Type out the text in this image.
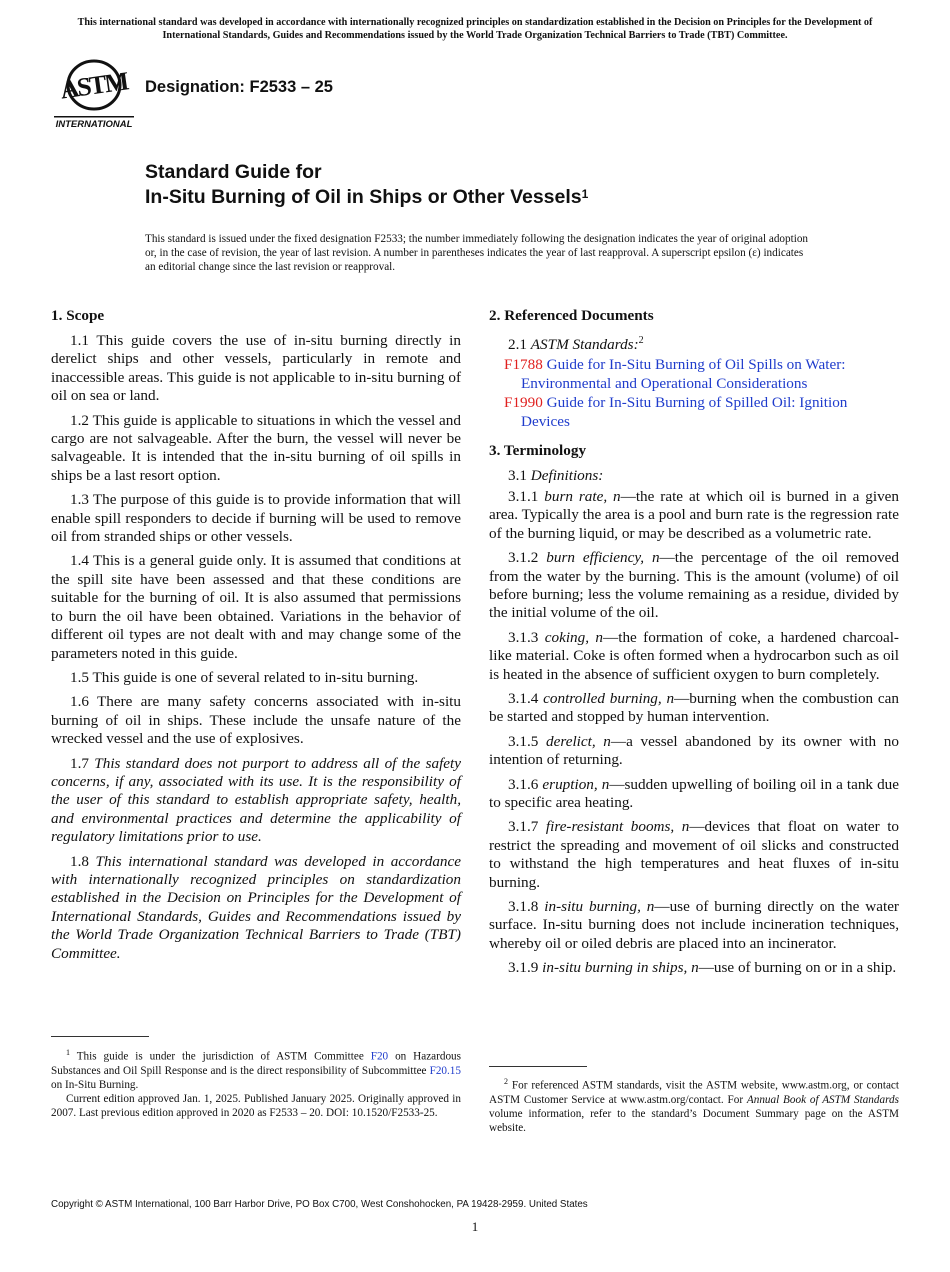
This international standard was developed in accordance with internationally recognized principles on standardization established in the Decision on Principles for the Development of International Standards, Guides and Recommendations issued by the World Trade Organization Technical Barriers to Trade (TBT) Committee.
ASTM
INTERNATIONAL
Designation: F2533 – 25
Standard Guide for
In-Situ Burning of Oil in Ships or Other Vessels$^1$
This standard is issued under the fixed designation F2533; the number immediately following the designation indicates the year of original adoption or, in the case of revision, the year of last revision. A number in parentheses indicates the year of last reapproval. A superscript epsilon (ε) indicates an editorial change since the last revision or reapproval.
1. Scope

1.1 This guide covers the use of in-situ burning directly in derelict ships and other vessels, particularly in remote and inaccessible areas. This guide is not applicable to in-situ burning of oil on sea or land.

1.2 This guide is applicable to situations in which the vessel and cargo are not salvageable. After the burn, the vessel will never be salvageable. It is intended that the in-situ burning of oil spills in ships be a last resort option.

1.3 The purpose of this guide is to provide information that will enable spill responders to decide if burning will be used to remove oil from stranded ships or other vessels.

1.4 This is a general guide only. It is assumed that conditions at the spill site have been assessed and that these conditions are suitable for the burning of oil. It is also assumed that permissions to burn the oil have been obtained. Variations in the behavior of different oil types are not dealt with and may change some of the parameters noted in this guide.

1.5 This guide is one of several related to in-situ burning.

1.6 There are many safety concerns associated with in-situ burning of oil in ships. These include the unsafe nature of the wrecked vessel and the use of explosives.

1.7 This standard does not purport to address all of the safety concerns, if any, associated with its use. It is the responsibility of the user of this standard to establish appropriate safety, health, and environmental practices and determine the applicability of regulatory limitations prior to use.

1.8 This international standard was developed in accordance with internationally recognized principles on standardization established in the Decision on Principles for the Development of International Standards, Guides and Recommendations issued by the World Trade Organization Technical Barriers to Trade (TBT) Committee.

2. Referenced Documents

2.1 ASTM Standards:$^2$

F1788 Guide for In-Situ Burning of Oil Spills on Water: Environmental and Operational Considerations
F1990 Guide for In-Situ Burning of Spilled Oil: Ignition Devices
3. Terminology

3.1 Definitions:

3.1.1 burn rate, n—the rate at which oil is burned in a given area. Typically the area is a pool and burn rate is the regression rate of the burning liquid, or may be described as a volumetric rate.

3.1.2 burn efficiency, n—the percentage of the oil removed from the water by the burning. This is the amount (volume) of oil before burning; less the volume remaining as a residue, divided by the initial volume of the oil.

3.1.3 coking, n—the formation of coke, a hardened charcoal-like material. Coke is often formed when a hydrocarbon such as oil is heated in the absence of sufficient oxygen to burn completely.

3.1.4 controlled burning, n—burning when the combustion can be started and stopped by human intervention.

3.1.5 derelict, n—a vessel abandoned by its owner with no intention of returning.

3.1.6 eruption, n—sudden upwelling of boiling oil in a tank due to specific area heating.

3.1.7 fire-resistant booms, n—devices that float on water to restrict the spreading and movement of oil slicks and constructed to withstand the high temperatures and heat fluxes of in-situ burning.

3.1.8 in-situ burning, n—use of burning directly on the water surface. In-situ burning does not include incineration techniques, whereby oil or oiled debris are placed into an incinerator.

3.1.9 in-situ burning in ships, n—use of burning on or in a ship.

$^1$ This guide is under the jurisdiction of ASTM Committee F20 on Hazardous Substances and Oil Spill Response and is the direct responsibility of Subcommittee F20.15 on In-Situ Burning.

Current edition approved Jan. 1, 2025. Published January 2025. Originally approved in 2007. Last previous edition approved in 2020 as F2533 – 20. DOI: 10.1520/F2533-25.

$^2$ For referenced ASTM standards, visit the ASTM website, www.astm.org, or contact ASTM Customer Service at www.astm.org/contact. For Annual Book of ASTM Standards volume information, refer to the standard’s Document Summary page on the ASTM website.

Copyright © ASTM International, 100 Barr Harbor Drive, PO Box C700, West Conshohocken, PA 19428-2959. United States
1
